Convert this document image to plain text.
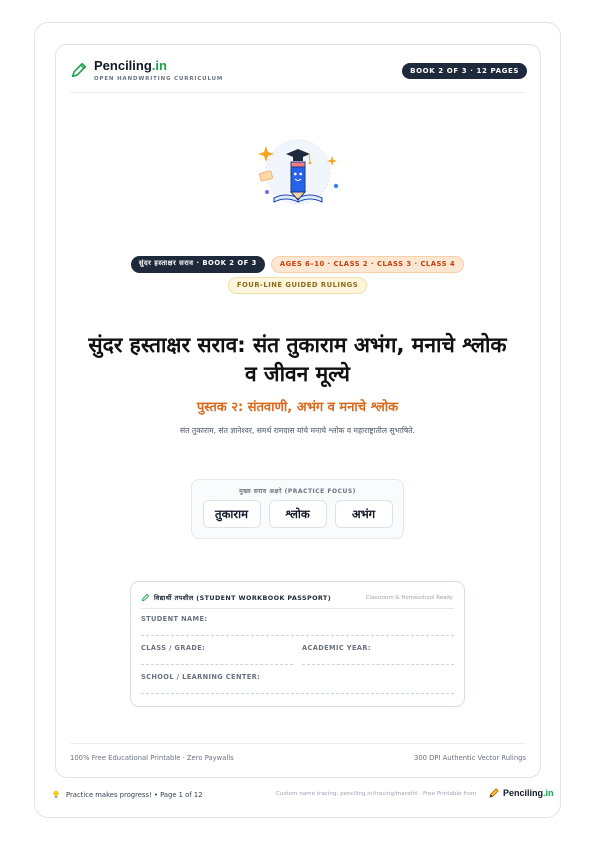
Penciling.in
OPEN HANDWRITING CURRICULUM
BOOK 2 OF 3 · 12 PAGES
सुंदर हस्ताक्षर सराव · BOOK 2 OF 3	AGES 6–10 · CLASS 2 · CLASS 3 · CLASS 4
FOUR-LINE GUIDED RULINGS
सुंदर हस्ताक्षर सराव: संत तुकाराम अभंग, मनाचे श्लोक
व जीवन मूल्ये
पुस्तक २: संतवाणी, अभंग व मनाचे श्लोक
संत तुकाराम, संत ज्ञानेश्वर, समर्थ रामदास यांचे मनाचे श्लोक व महाराष्ट्रातील सुभाषिते.
मुख्य सराव अक्षरे (PRACTICE FOCUS)
तुकाराम	श्लोक	अभंग
विद्यार्थी तपशील (STUDENT WORKBOOK PASSPORT)	Classroom & Homeschool Ready
STUDENT NAME:
CLASS / GRADE:	ACADEMIC YEAR:
SCHOOL / LEARNING CENTER:
100% Free Educational Printable · Zero Paywalls	300 DPI Authentic Vector Rulings
Practice makes progress! • Page 1 of 12	Custom name tracing: penciling.in/tracing/marathi · Free Printable from	Penciling.in
